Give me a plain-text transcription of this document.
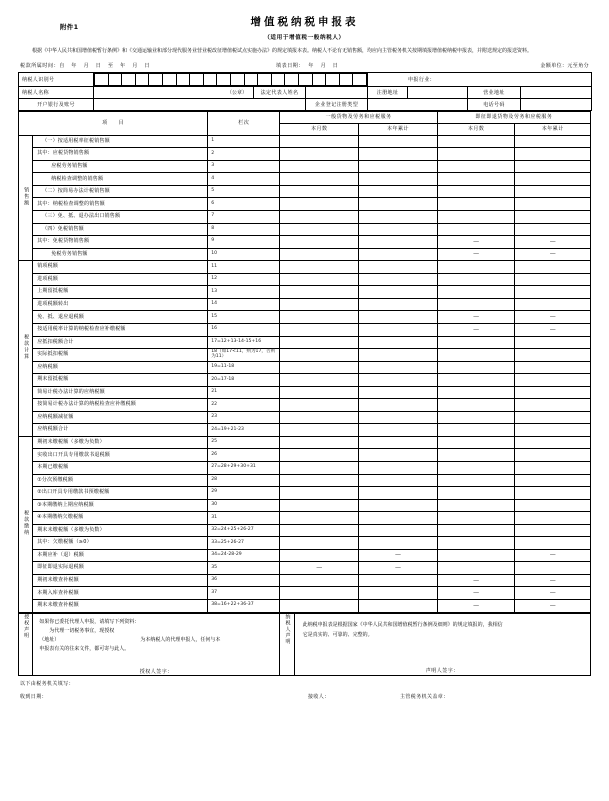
附件1	增值税纳税申报表
（适用于增值税一般纳税人）
根据《中华人民共和国增值税暂行条例》和《交通运输业和部分现代服务业营业税改征增值税试点实施办法》的规定填报本表。纳税人不论有无销售额，均应向主管税务机关按期填报增值税纳税申报表，并附送规定的报送资料。
税款所属时间：自 年 月 日 至 年 月 日	填表日期： 年 月 日	金额单位：元至角分
纳税人识别号																					申报行业：
纳税人名称	（公章）	法定代表人姓名		注册地址		营业地址	
开户银行及账号		企业登记注册类型		电话号码	
项　　目		栏次	一般货物及劳务和应税服务		即征即退货物及劳务和应税服务	
			本月数	本年累计	本月数	本年累计
销售额	（一）按适用税率征税销售额	1				
	其中：应税货物销售额	2				
	应税劳务销售额	3				
	纳税检查调整的销售额	4				
	（二）按简易办法计税销售额	5				
	其中：纳税检查调整的销售额	6				
	（三）免、抵、退办法出口销售额	7				
	（四）免税销售额	8				
	其中：免税货物销售额	9			—	—
	免税劳务销售额	10			—	—
税款计算	销项税额	11				
	进项税额	12				
	上期留抵税额	13				
	进项税额转出	14				
	免、抵、退应退税额	15			—	—
	按适用税率计算的纳税检查应补缴税额	16			—	—
	应抵扣税额合计	17=12+13-14-15+16				
	实际抵扣税额	18（如17<11，则为17，否则为11）				
	应纳税额	19=11-18				
	期末留抵税额	20=17-18				
	简易计税办法计算的应纳税额	21				
	按简易计税办法计算的纳税检查应补缴税额	22				
	应纳税额减征额	23				
	应纳税额合计	24=19+21-23				
税款缴纳	期初未缴税额（多缴为负数）	25				
	实收出口开具专用缴款书退税额	26				
	本期已缴税额	27=28+29+30+31				
	①分次预缴税额	28				
	②出口开具专用缴款书预缴税额	29				
	③本期缴纳上期应纳税额	30				
	④本期缴纳欠缴税额	31				
	期末未缴税额（多缴为负数）	32=24+25+26-27				
	其中：欠缴税额（≥0）	33=25+26-27				
	本期应补（退）税额	34=24-28-29		—		—
	即征即退实际退税额	35	—	—		
	期初未缴查补税额	36			—	—
	本期入库查补税额	37			—	—
	期末未缴查补税额	38=16+22+36-37			—	—
授权声明	如果你已委托代理人申报，请填写下列资料：
为代理一切税务事宜，现授权
（地址）	为本纳税人的代理申报人，任何与本
申报表有关的往来文件，都可寄与此人。
授权人签字：
	纳税人声明	此纳税申报表是根据国家《中华人民共和国增值税暂行条例及细则》的规定填报的，我相信
它是真实的、可靠的、完整的。
声明人签字：
以下由税务机关填写：
收到日期：	接收人：	主管税务机关盖章：
